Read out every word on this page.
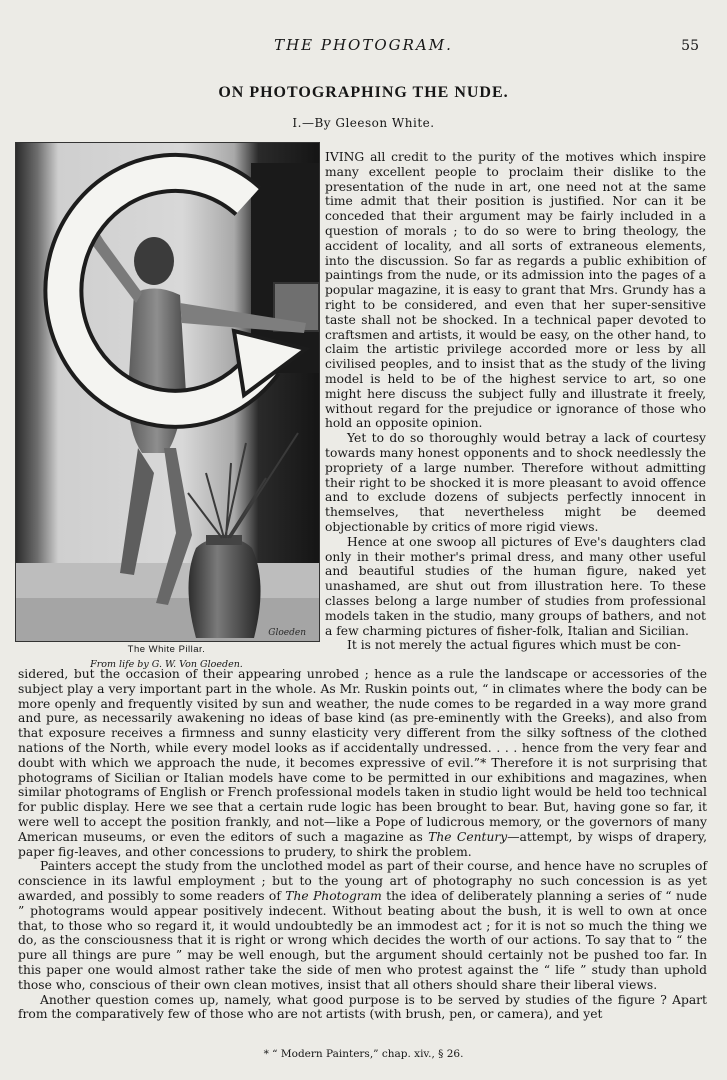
THE PHOTOGRAM.	55
ON PHOTOGRAPHING THE NUDE.
I.—By Gleeson White.
Gloeden
The White Pillar.
From life by G. W. Von Gloeden.

IVING all credit to the purity of the motives which inspire many excellent people to proclaim their dislike to the presentation of the nude in art, one need not at the same time admit that their position is justified. Nor can it be conceded that their argument may be fairly included in a question of morals ; to do so were to bring theology, the accident of locality, and all sorts of extraneous elements, into the discussion. So far as regards a public exhibition of paintings from the nude, or its admission into the pages of a popular magazine, it is easy to grant that Mrs. Grundy has a right to be considered, and even that her super-sensitive taste shall not be shocked. In a technical paper devoted to craftsmen and artists, it would be easy, on the other hand, to claim the artistic privilege accorded more or less by all civilised peoples, and to insist that as the study of the living model is held to be of the highest service to art, so one might here discuss the subject fully and illustrate it freely, without regard for the prejudice or ignorance of those who hold an opposite opinion.

Yet to do so thoroughly would betray a lack of courtesy towards many honest opponents and to shock needlessly the propriety of a large number. Therefore without admitting their right to be shocked it is more pleasant to avoid offence and to exclude dozens of subjects perfectly innocent in themselves, that nevertheless might be deemed objectionable by critics of more rigid views.

Hence at one swoop all pictures of Eve's daughters clad only in their mother's primal dress, and many other useful and beautiful studies of the human figure, naked yet unashamed, are shut out from illustration here. To these classes belong a large number of studies from professional models taken in the studio, many groups of bathers, and not a few charming pictures of fisher-folk, Italian and Sicilian.

It is not merely the actual figures which must be con-

sidered, but the occasion of their appearing unrobed ; hence as a rule the landscape or accessories of the subject play a very important part in the whole. As Mr. Ruskin points out, “ in climates where the body can be more openly and frequently visited by sun and weather, the nude comes to be regarded in a way more grand and pure, as necessarily awakening no ideas of base kind (as pre-eminently with the Greeks), and also from that exposure receives a firmness and sunny elasticity very different from the silky softness of the clothed nations of the North, while every model looks as if accidentally undressed. . . . hence from the very fear and doubt with which we approach the nude, it becomes expressive of evil.”* Therefore it is not surprising that photograms of Sicilian or Italian models have come to be permitted in our exhibitions and magazines, when similar photograms of English or French professional models taken in studio light would be held too technical for public display. Here we see that a certain rude logic has been brought to bear. But, having gone so far, it were well to accept the position frankly, and not—like a Pope of ludicrous memory, or the governors of many American museums, or even the editors of such a magazine as The Century—attempt, by wisps of drapery, paper fig-leaves, and other concessions to prudery, to shirk the problem.

Painters accept the study from the unclothed model as part of their course, and hence have no scruples of conscience in its lawful employment ; but to the young art of photography no such concession is as yet awarded, and possibly to some readers of The Photogram the idea of deliberately planning a series of “ nude ” photograms would appear positively indecent. Without beating about the bush, it is well to own at once that, to those who so regard it, it would undoubtedly be an immodest act ; for it is not so much the thing we do, as the consciousness that it is right or wrong which decides the worth of our actions. To say that to “ the pure all things are pure ” may be well enough, but the argument should certainly not be pushed too far. In this paper one would almost rather take the side of men who protest against the “ life ” study than uphold those who, conscious of their own clean motives, insist that all others should share their liberal views.

Another question comes up, namely, what good purpose is to be served by studies of the figure ? Apart from the comparatively few of those who are not artists (with brush, pen, or camera), and yet

* “ Modern Painters,” chap. xiv., § 26.
